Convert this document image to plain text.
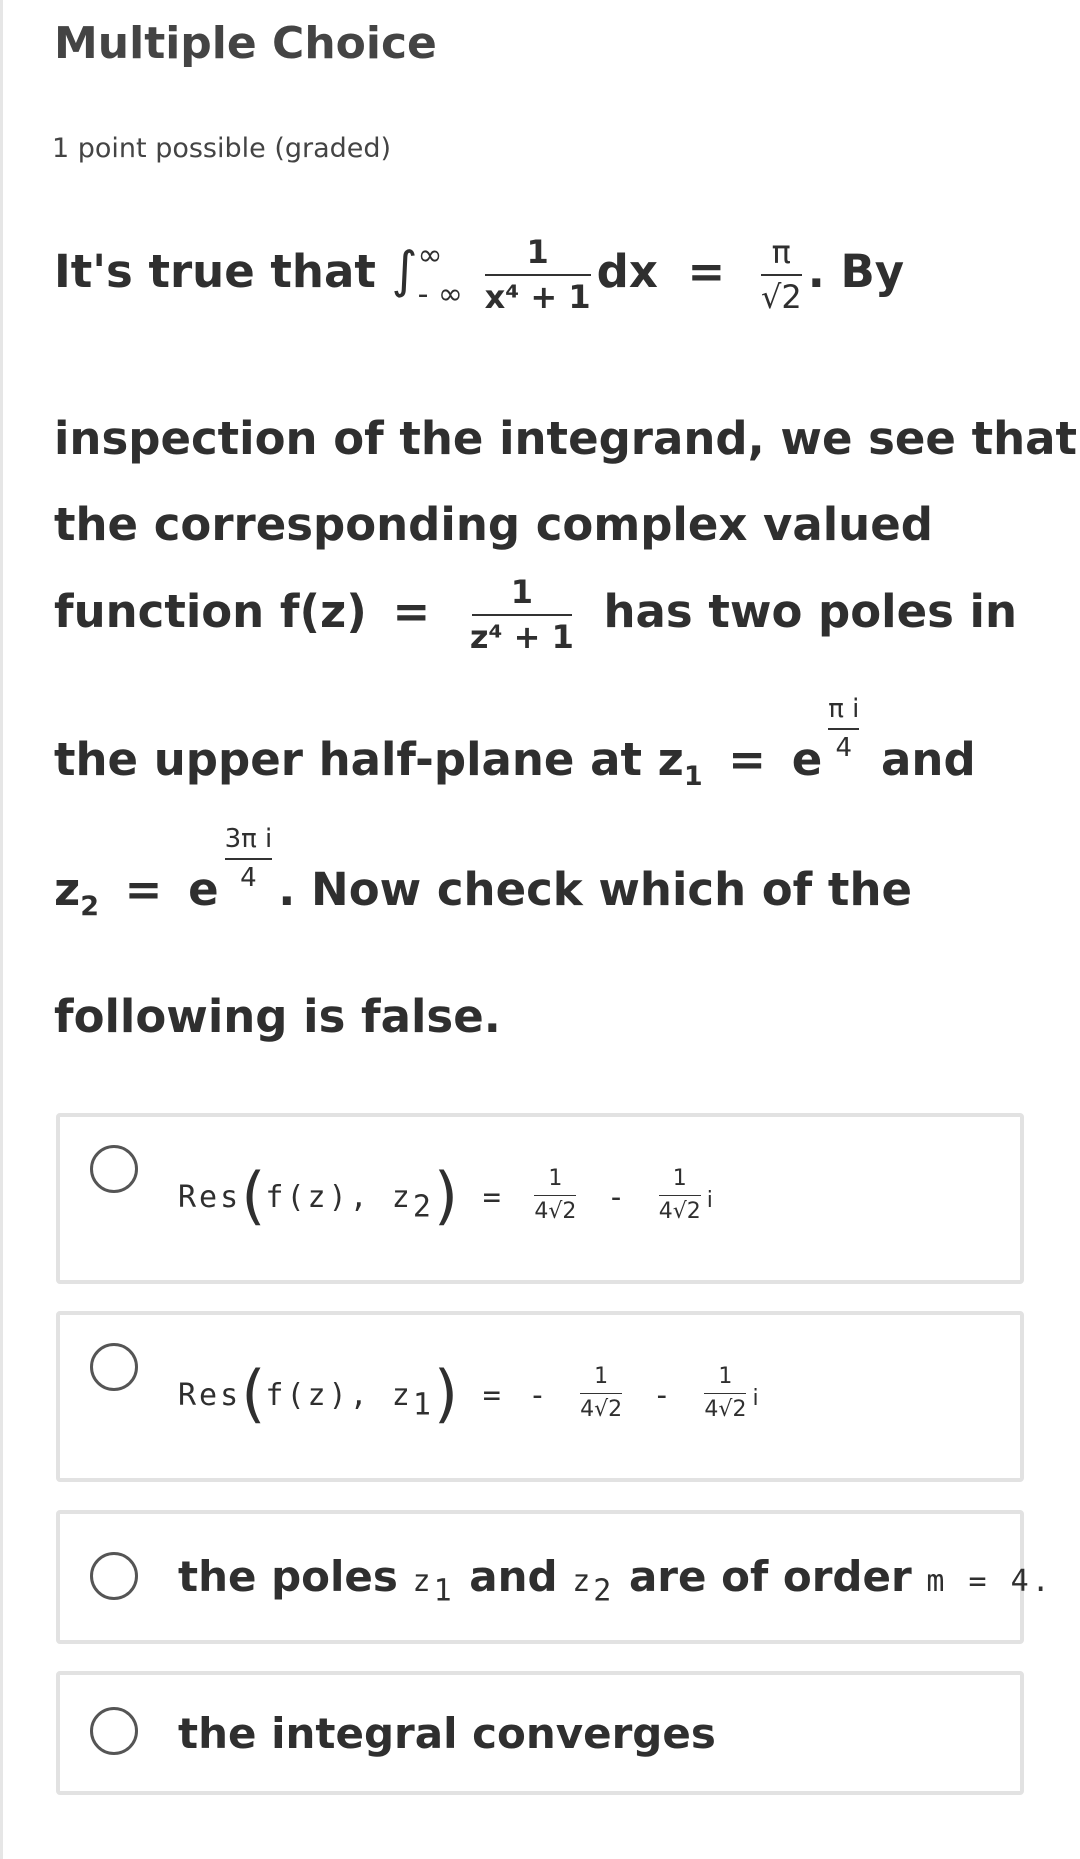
Multiple Choice
1 point possible (graded)
It's true that ∫ ∞
- ∞
$\frac{1}{\text{x⁴ + 1}}$ dx = $\frac{\pi}{√2}$ . By
inspection of the integrand, we see that
the corresponding complex valued
function $f(z) = \frac{1}{\text{z⁴ + 1}}$ has two poles in
the upper half-plane at $z_1 = e \frac{\text{π i}}{4}$ and
$z_2 = e \frac{\text{3π i}}{4}$ . Now check which of the
following is false.
Res(f(z), $z_2) = \frac{1}{4√2} - \frac{1}{4√2}$ i
Res(f(z), $z_1$) = - $\frac{1}{4√2} - \frac{1}{4√2}$ i
the poles $z_1$ and $z_2$ are of order m = 4.
the integral converges
